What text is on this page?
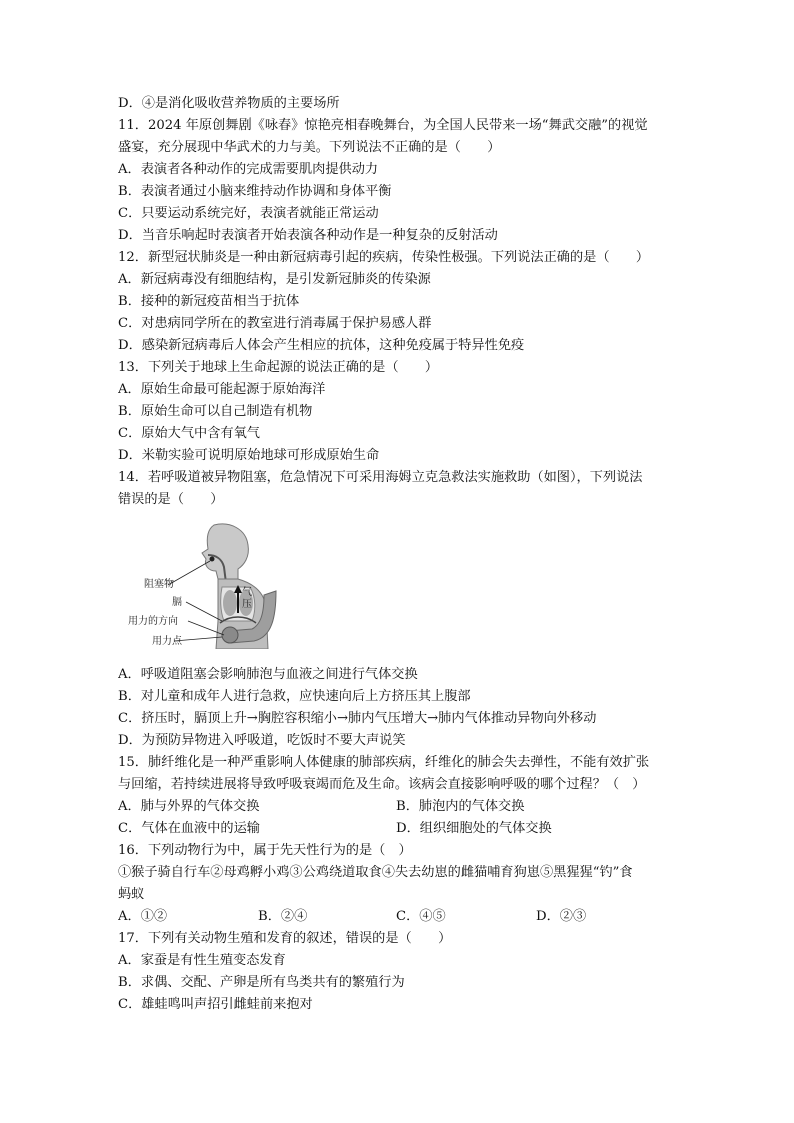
D．④是消化吸收营养物质的主要场所
11．2024 年原创舞剧《咏春》惊艳亮相春晚舞台，为全国人民带来一场“舞武交融”的视觉
盛宴，充分展现中华武术的力与美。下列说法不正确的是（　　）
A．表演者各种动作的完成需要肌肉提供动力
B．表演者通过小脑来维持动作协调和身体平衡
C．只要运动系统完好，表演者就能正常运动
D．当音乐响起时表演者开始表演各种动作是一种复杂的反射活动
12．新型冠状肺炎是一种由新冠病毒引起的疾病，传染性极强。下列说法正确的是（　　）
A．新冠病毒没有细胞结构，是引发新冠肺炎的传染源
B．接种的新冠疫苗相当于抗体
C．对患病同学所在的教室进行消毒属于保护易感人群
D．感染新冠病毒后人体会产生相应的抗体，这种免疫属于特异性免疫
13．下列关于地球上生命起源的说法正确的是（　　）
A．原始生命最可能起源于原始海洋
B．原始生命可以自己制造有机物
C．原始大气中含有氧气
D．米勒实验可说明原始地球可形成原始生命
14．若呼吸道被异物阻塞，危急情况下可采用海姆立克急救法实施救助（如图），下列说法
错误的是（　　）
气
压
阻塞物
膈
用力的方向
用力点
A．呼吸道阻塞会影响肺泡与血液之间进行气体交换
B．对儿童和成年人进行急救，应快速向后上方挤压其上腹部
C．挤压时，膈顶上升→胸腔容积缩小→肺内气压增大→肺内气体推动异物向外移动
D．为预防异物进入呼吸道，吃饭时不要大声说笑
15．肺纤维化是一种严重影响人体健康的肺部疾病，纤维化的肺会失去弹性，不能有效扩张
与回缩，若持续进展将导致呼吸衰竭而危及生命。该病会直接影响呼吸的哪个过程？（　）
A．肺与外界的气体交换	B．肺泡内的气体交换
C．气体在血液中的运输	D．组织细胞处的气体交换
16．下列动物行为中，属于先天性行为的是（　）
①猴子骑自行车②母鸡孵小鸡③公鸡绕道取食④失去幼崽的雌猫哺育狗崽⑤黑猩猩“钓”食
蚂蚁
A．①②	B．②④	C．④⑤	D．②③
17．下列有关动物生殖和发育的叙述，错误的是（　　）
A．家蚕是有性生殖变态发育
B．求偶、交配、产卵是所有鸟类共有的繁殖行为
C．雄蛙鸣叫声招引雌蛙前来抱对
